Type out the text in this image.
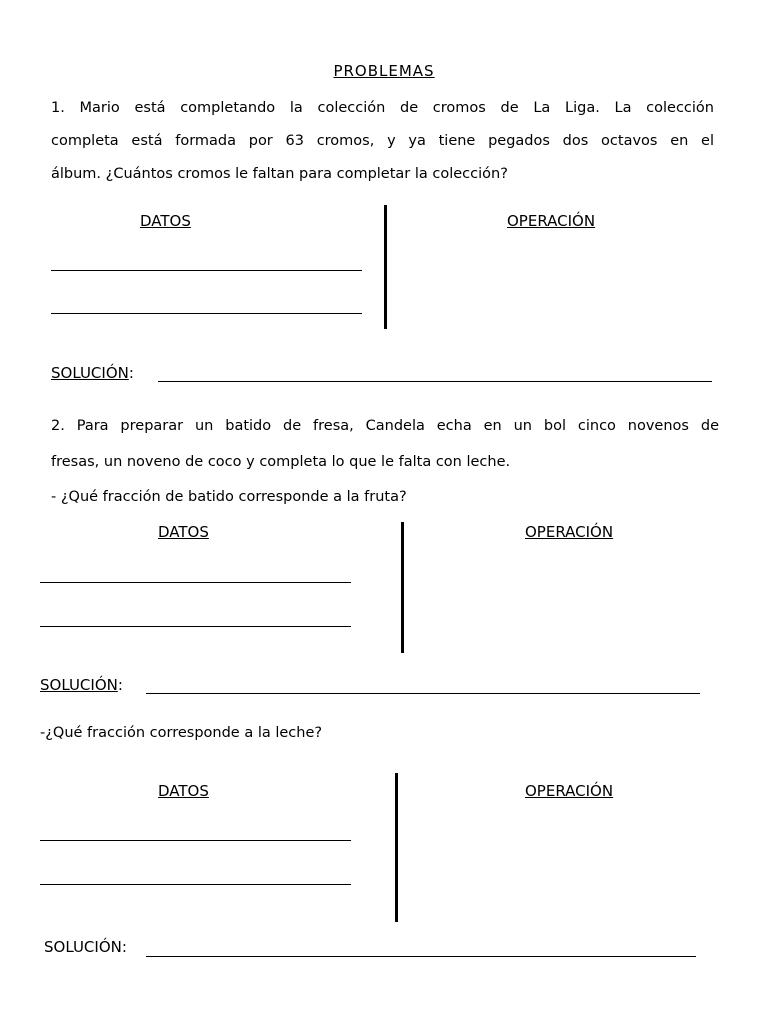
PROBLEMAS
1. Mario está completando la colección de cromos de La Liga. La colección
completa está formada por 63 cromos, y ya tiene pegados dos octavos en el
álbum. ¿Cuántos cromos le faltan para completar la colección?
DATOS	OPERACIÓN
SOLUCIÓN:
2. Para preparar un batido de fresa, Candela echa en un bol cinco novenos de
fresas, un noveno de coco y completa lo que le falta con leche.
- ¿Qué fracción de batido corresponde a la fruta?
DATOS	OPERACIÓN
SOLUCIÓN:
-¿Qué fracción corresponde a la leche?
DATOS	OPERACIÓN
SOLUCIÓN:
